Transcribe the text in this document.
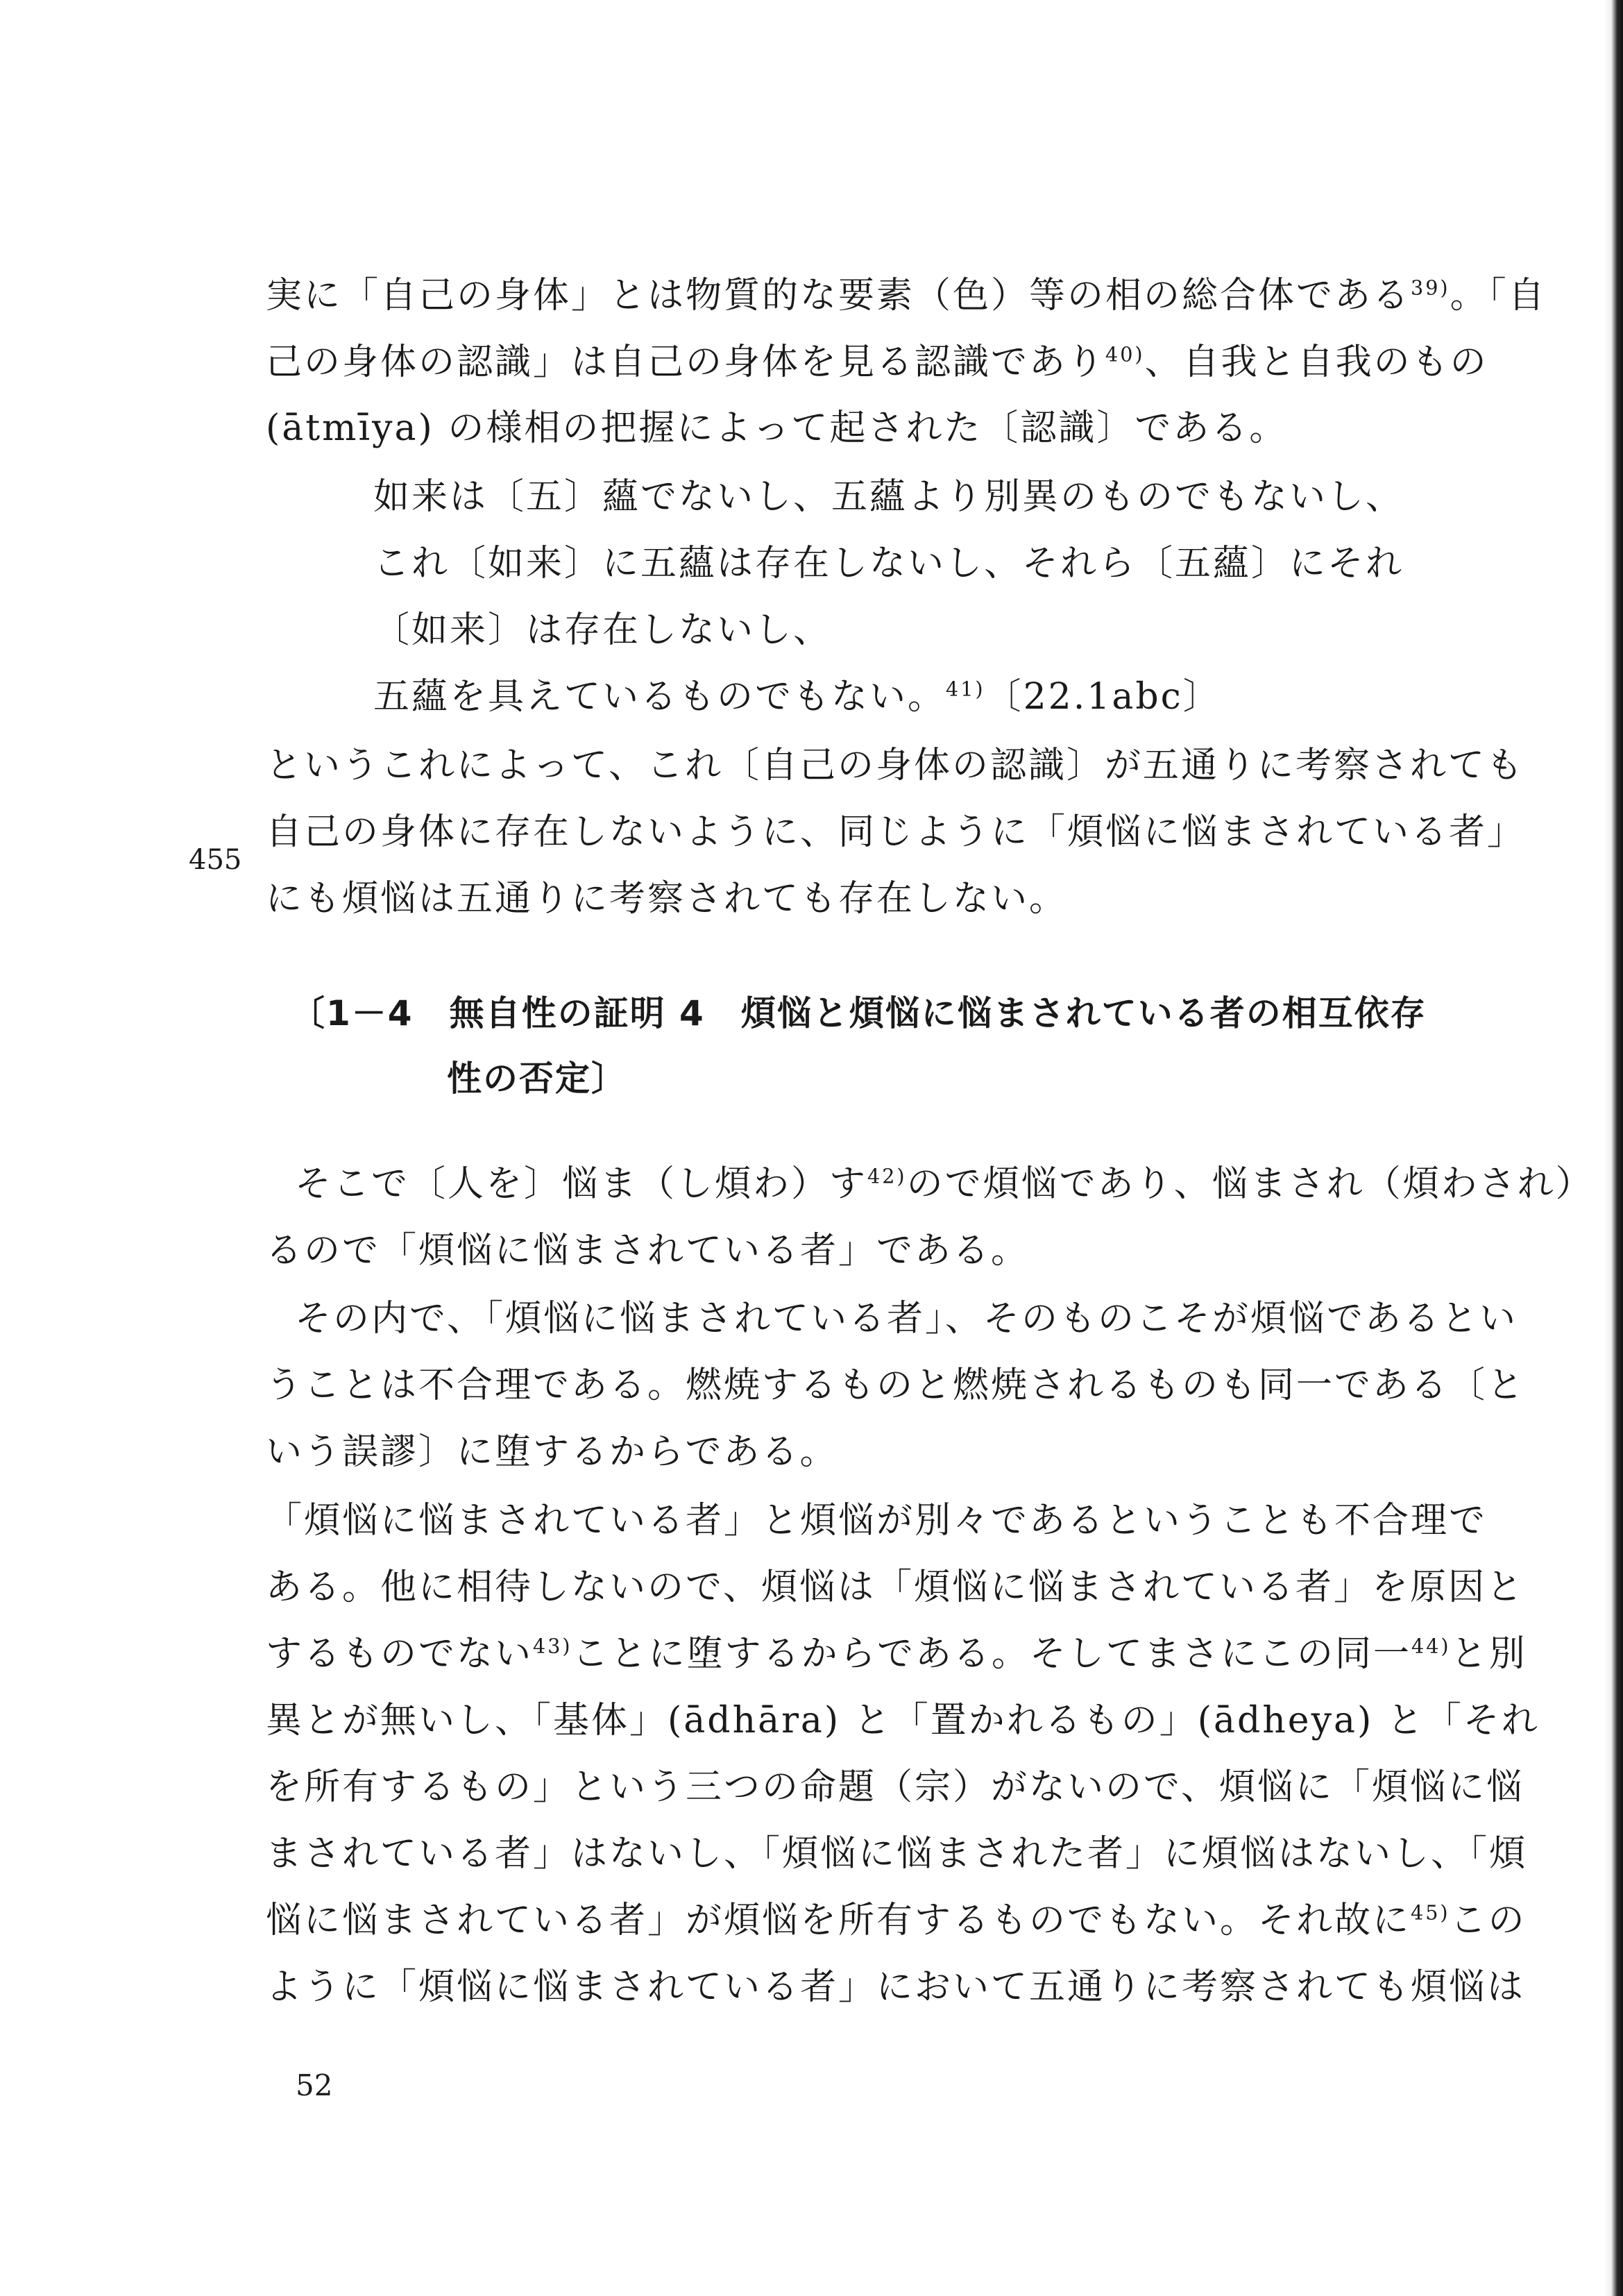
実に「自己の身体」とは物質的な要素（色）等の相の総合体である$^{39)}$。「自
己の身体の認識」は自己の身体を見る認識であり$^{40)}$、自我と自我のもの
(ātmīya) の様相の把握によって起された〔認識〕である。
如来は〔五〕蘊でないし、五蘊より別異のものでもないし、
これ〔如来〕に五蘊は存在しないし、それら〔五蘊〕にそれ
〔如来〕は存在しないし、
五蘊を具えているものでもない。$^{41)}$〔22.1abc〕
というこれによって、これ〔自己の身体の認識〕が五通りに考察されても
自己の身体に存在しないように、同じように「煩悩に悩まされている者」
にも煩悩は五通りに考察されても存在しない。
455
〔1－4　無自性の証明 4　煩悩と煩悩に悩まされている者の相互依存
性の否定〕
そこで〔人を〕悩ま（し煩わ）す$^{42)}$ので煩悩であり、悩まされ（煩わされ）
るので「煩悩に悩まされている者」である。
その内で、「煩悩に悩まされている者」、そのものこそが煩悩であるとい
うことは不合理である。燃焼するものと燃焼されるものも同一である〔と
いう誤謬〕に堕するからである。
「煩悩に悩まされている者」と煩悩が別々であるということも不合理で
ある。他に相待しないので、煩悩は「煩悩に悩まされている者」を原因と
するものでない$^{43)}$ことに堕するからである。そしてまさにこの同一$^{44)}$と別
異とが無いし、「基体」(ādhāra) と「置かれるもの」(ādheya) と「それ
を所有するもの」という三つの命題（宗）がないので、煩悩に「煩悩に悩
まされている者」はないし、「煩悩に悩まされた者」に煩悩はないし、「煩
悩に悩まされている者」が煩悩を所有するものでもない。それ故に$^{45)}$この
ように「煩悩に悩まされている者」において五通りに考察されても煩悩は
52
